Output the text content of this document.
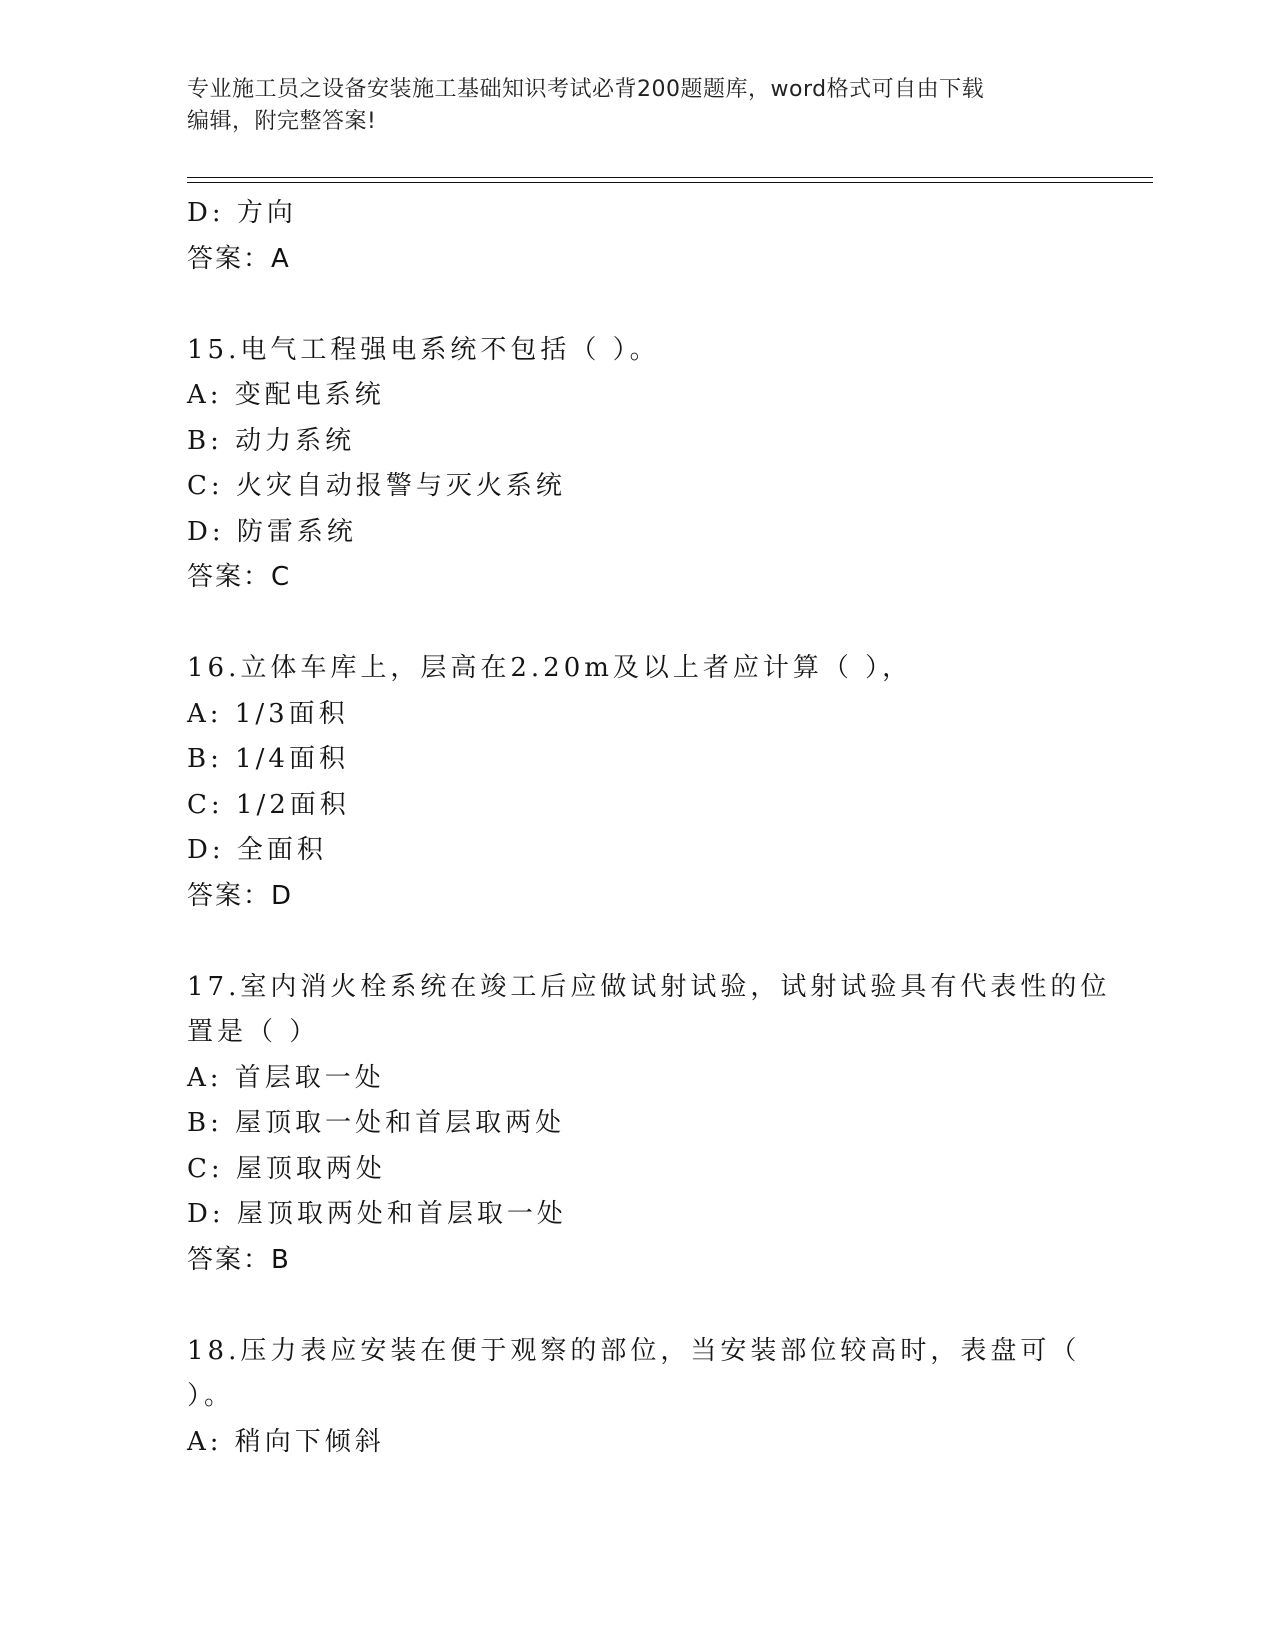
专业施工员之设备安装施工基础知识考试必背200题题库，word格式可自由下载

编辑，附完整答案!

D: 方向
答案：A
15.电气工程强电系统不包括（ ）。
A: 变配电系统
B: 动力系统
C: 火灾自动报警与灭火系统
D: 防雷系统
答案：C
16.立体车库上，层高在2.20m及以上者应计算（ ），
A: 1/3面积
B: 1/4面积
C: 1/2面积
D: 全面积
答案：D
17.室内消火栓系统在竣工后应做试射试验，试射试验具有代表性的位
置是（ ）
A: 首层取一处
B: 屋顶取一处和首层取两处
C: 屋顶取两处
D: 屋顶取两处和首层取一处
答案：B
18.压力表应安装在便于观察的部位，当安装部位较高时，表盘可（
）。
A: 稍向下倾斜
